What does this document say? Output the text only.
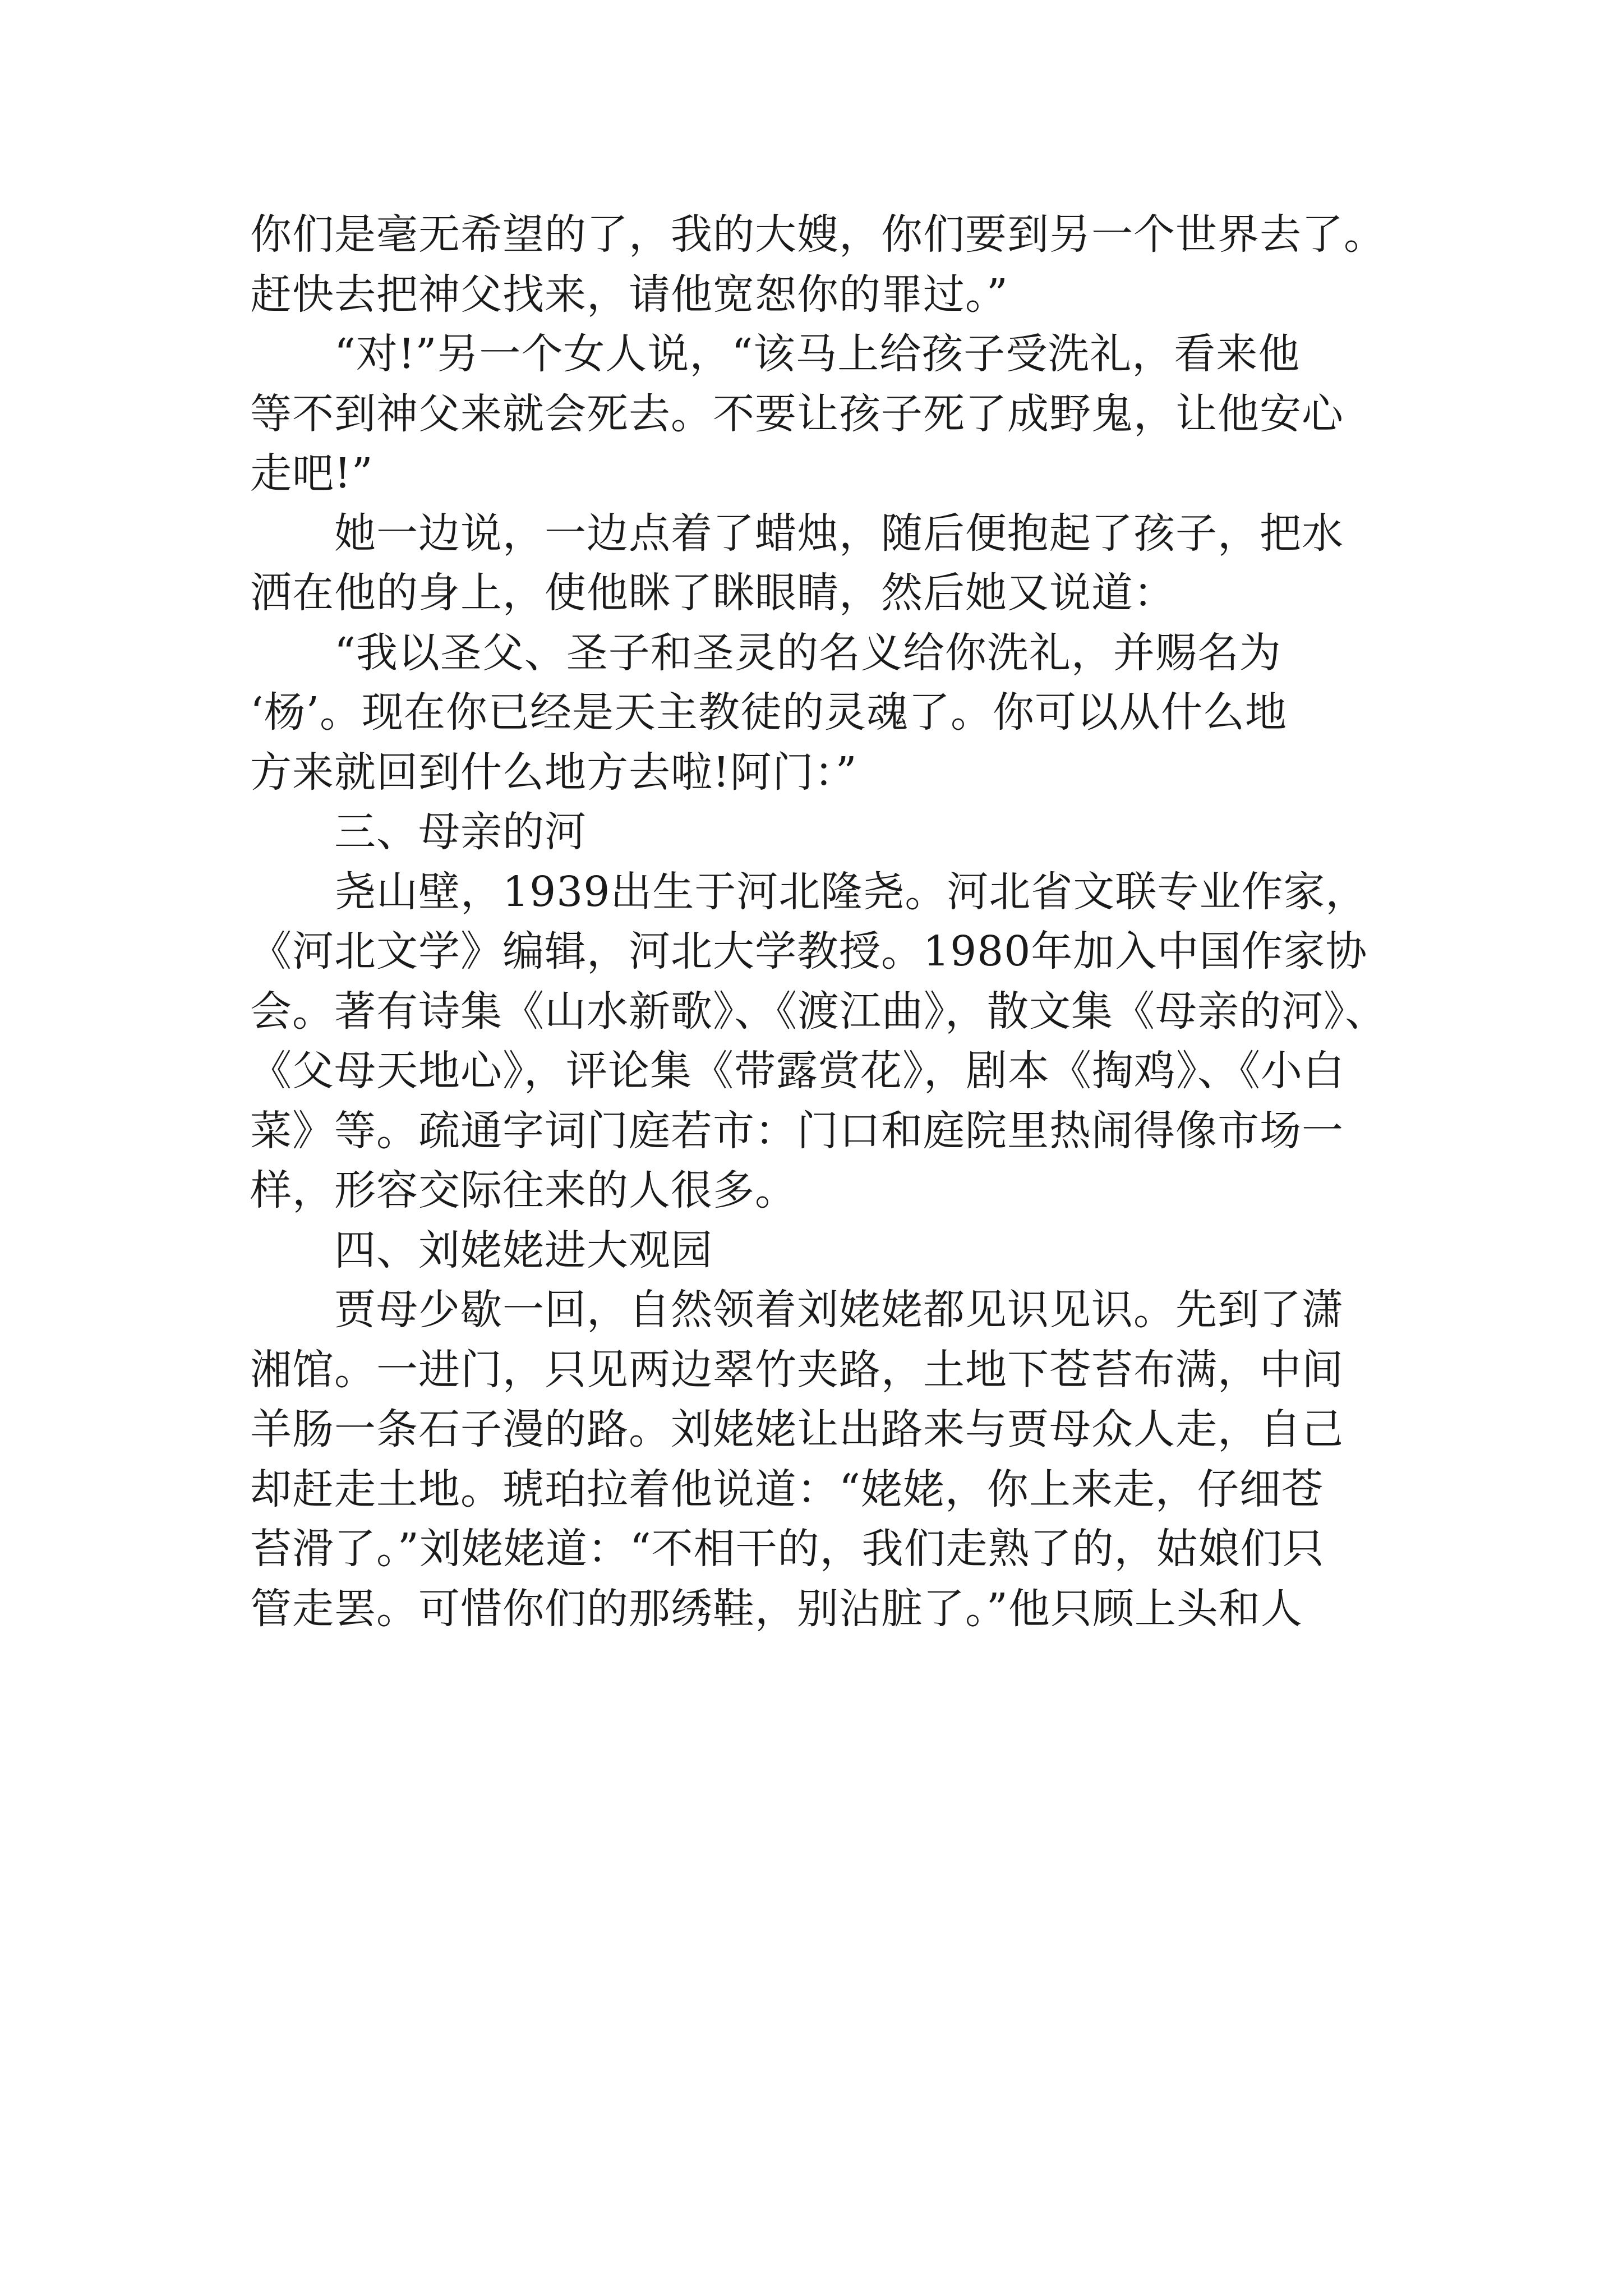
你们是毫无希望的了，我的大嫂，你们要到另一个世界去了。
赶快去把神父找来，请他宽恕你的罪过。”
“对!”另一个女人说，“该马上给孩子受洗礼，看来他
等不到神父来就会死去。不要让孩子死了成野鬼，让他安心
走吧!”
她一边说，一边点着了蜡烛，随后便抱起了孩子，把水
洒在他的身上，使他眯了眯眼睛，然后她又说道：
“我以圣父、圣子和圣灵的名义给你洗礼，并赐名为
‘杨’。现在你已经是天主教徒的灵魂了。你可以从什么地
方来就回到什么地方去啦!阿门：”
三、母亲的河
尧山壁，1939出生于河北隆尧。河北省文联专业作家，
《河北文学》编辑，河北大学教授。1980年加入中国作家协
会。著有诗集《山水新歌》、《渡江曲》，散文集《母亲的河》、
《父母天地心》，评论集《带露赏花》，剧本《掏鸡》、《小白
菜》等。疏通字词门庭若市：门口和庭院里热闹得像市场一
样，形容交际往来的人很多。
四、刘姥姥进大观园
贾母少歇一回，自然领着刘姥姥都见识见识。先到了潇
湘馆。一进门，只见两边翠竹夹路，土地下苍苔布满，中间
羊肠一条石子漫的路。刘姥姥让出路来与贾母众人走，自己
却赶走土地。琥珀拉着他说道：“姥姥，你上来走，仔细苍
苔滑了。”刘姥姥道：“不相干的，我们走熟了的，姑娘们只
管走罢。可惜你们的那绣鞋，别沾脏了。”他只顾上头和人
